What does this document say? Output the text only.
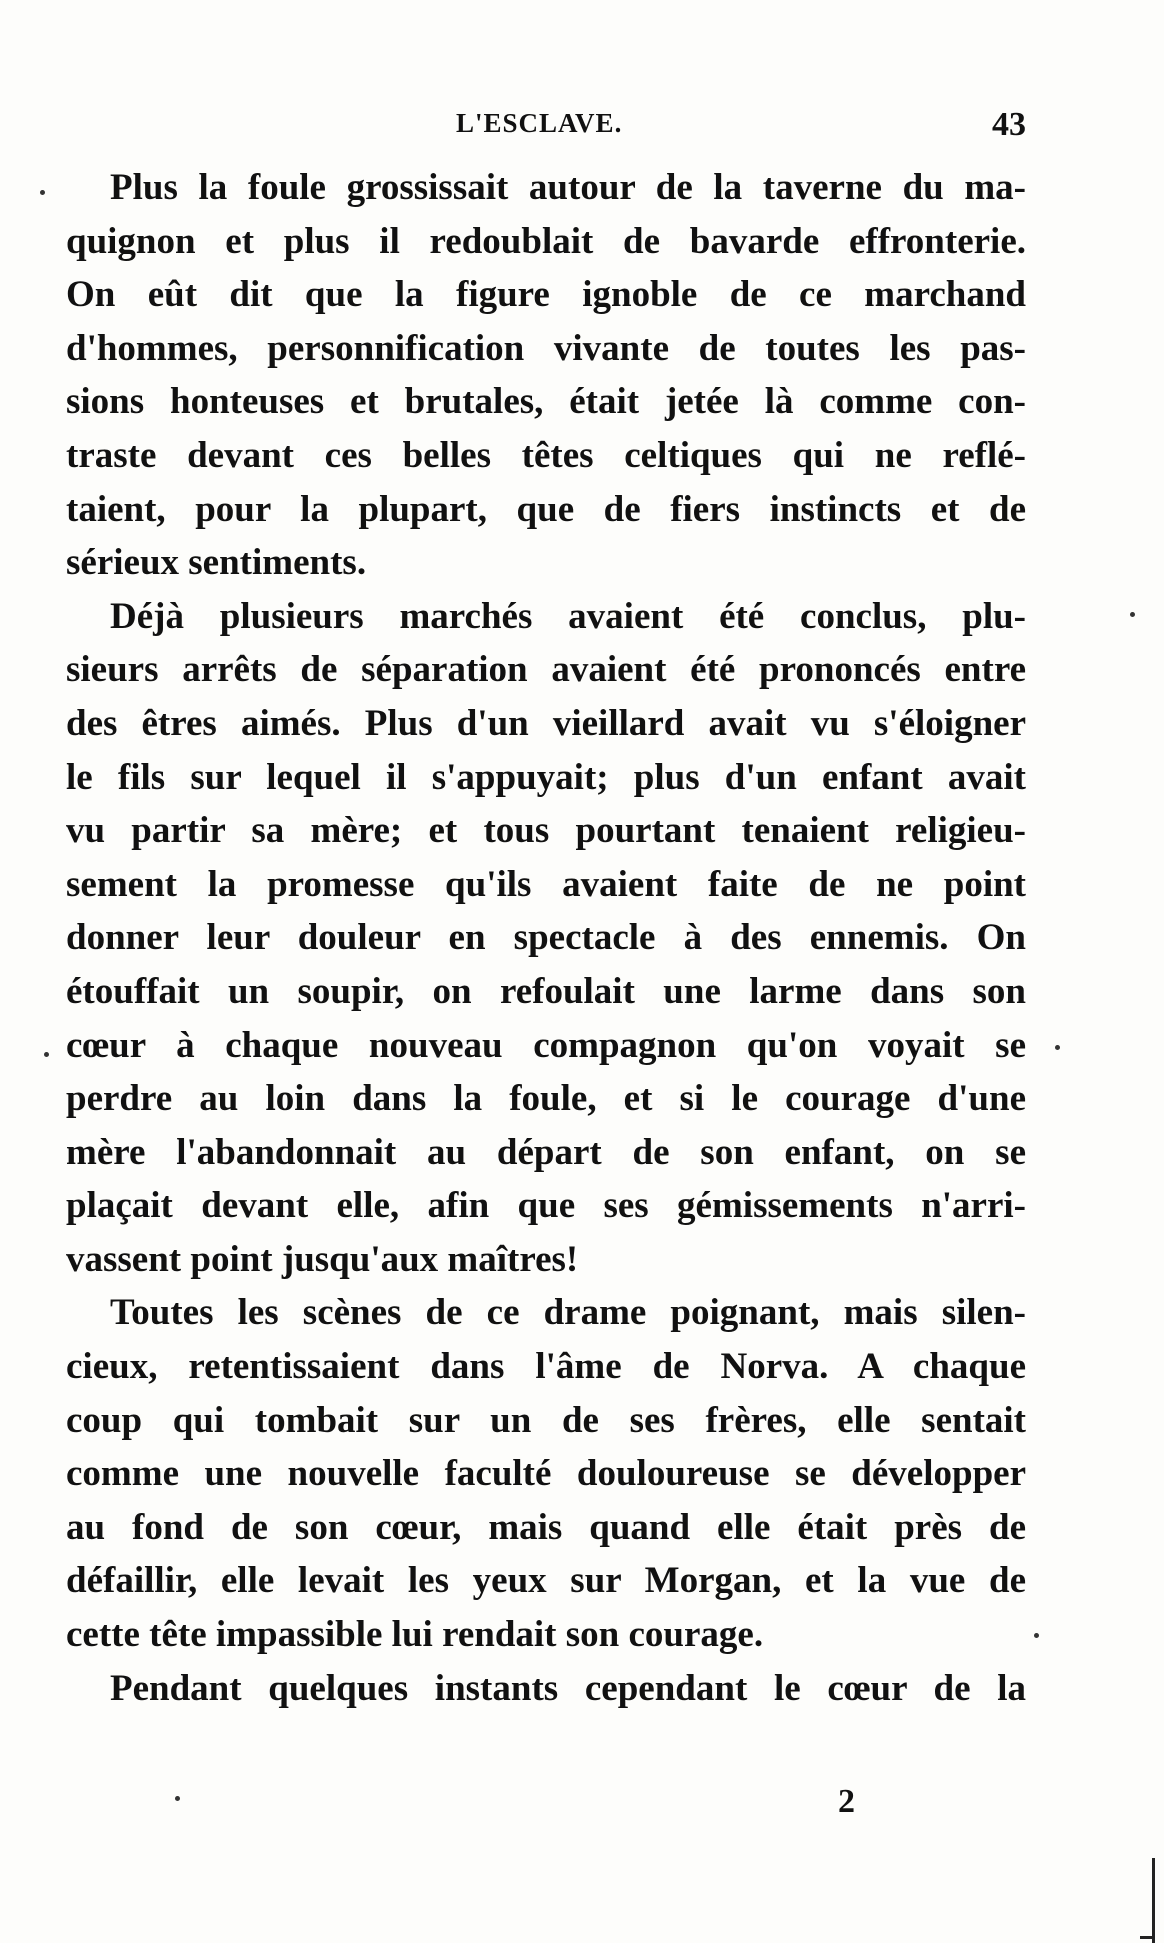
L'ESCLAVE.	43
Plus la foule grossissait autour de la taverne du ma-
quignon et plus il redoublait de bavarde effronterie.
On eût dit que la figure ignoble de ce marchand
d'hommes, personnification vivante de toutes les pas-
sions honteuses et brutales, était jetée là comme con-
traste devant ces belles têtes celtiques qui ne reflé-
taient, pour la plupart, que de fiers instincts et de
sérieux sentiments.
Déjà plusieurs marchés avaient été conclus, plu-
sieurs arrêts de séparation avaient été prononcés entre
des êtres aimés. Plus d'un vieillard avait vu s'éloigner
le fils sur lequel il s'appuyait; plus d'un enfant avait
vu partir sa mère; et tous pourtant tenaient religieu-
sement la promesse qu'ils avaient faite de ne point
donner leur douleur en spectacle à des ennemis. On
étouffait un soupir, on refoulait une larme dans son
cœur à chaque nouveau compagnon qu'on voyait se
perdre au loin dans la foule, et si le courage d'une
mère l'abandonnait au départ de son enfant, on se
plaçait devant elle, afin que ses gémissements n'arri-
vassent point jusqu'aux maîtres!
Toutes les scènes de ce drame poignant, mais silen-
cieux, retentissaient dans l'âme de Norva. A chaque
coup qui tombait sur un de ses frères, elle sentait
comme une nouvelle faculté douloureuse se développer
au fond de son cœur, mais quand elle était près de
défaillir, elle levait les yeux sur Morgan, et la vue de
cette tête impassible lui rendait son courage.
Pendant quelques instants cependant le cœur de la
2
